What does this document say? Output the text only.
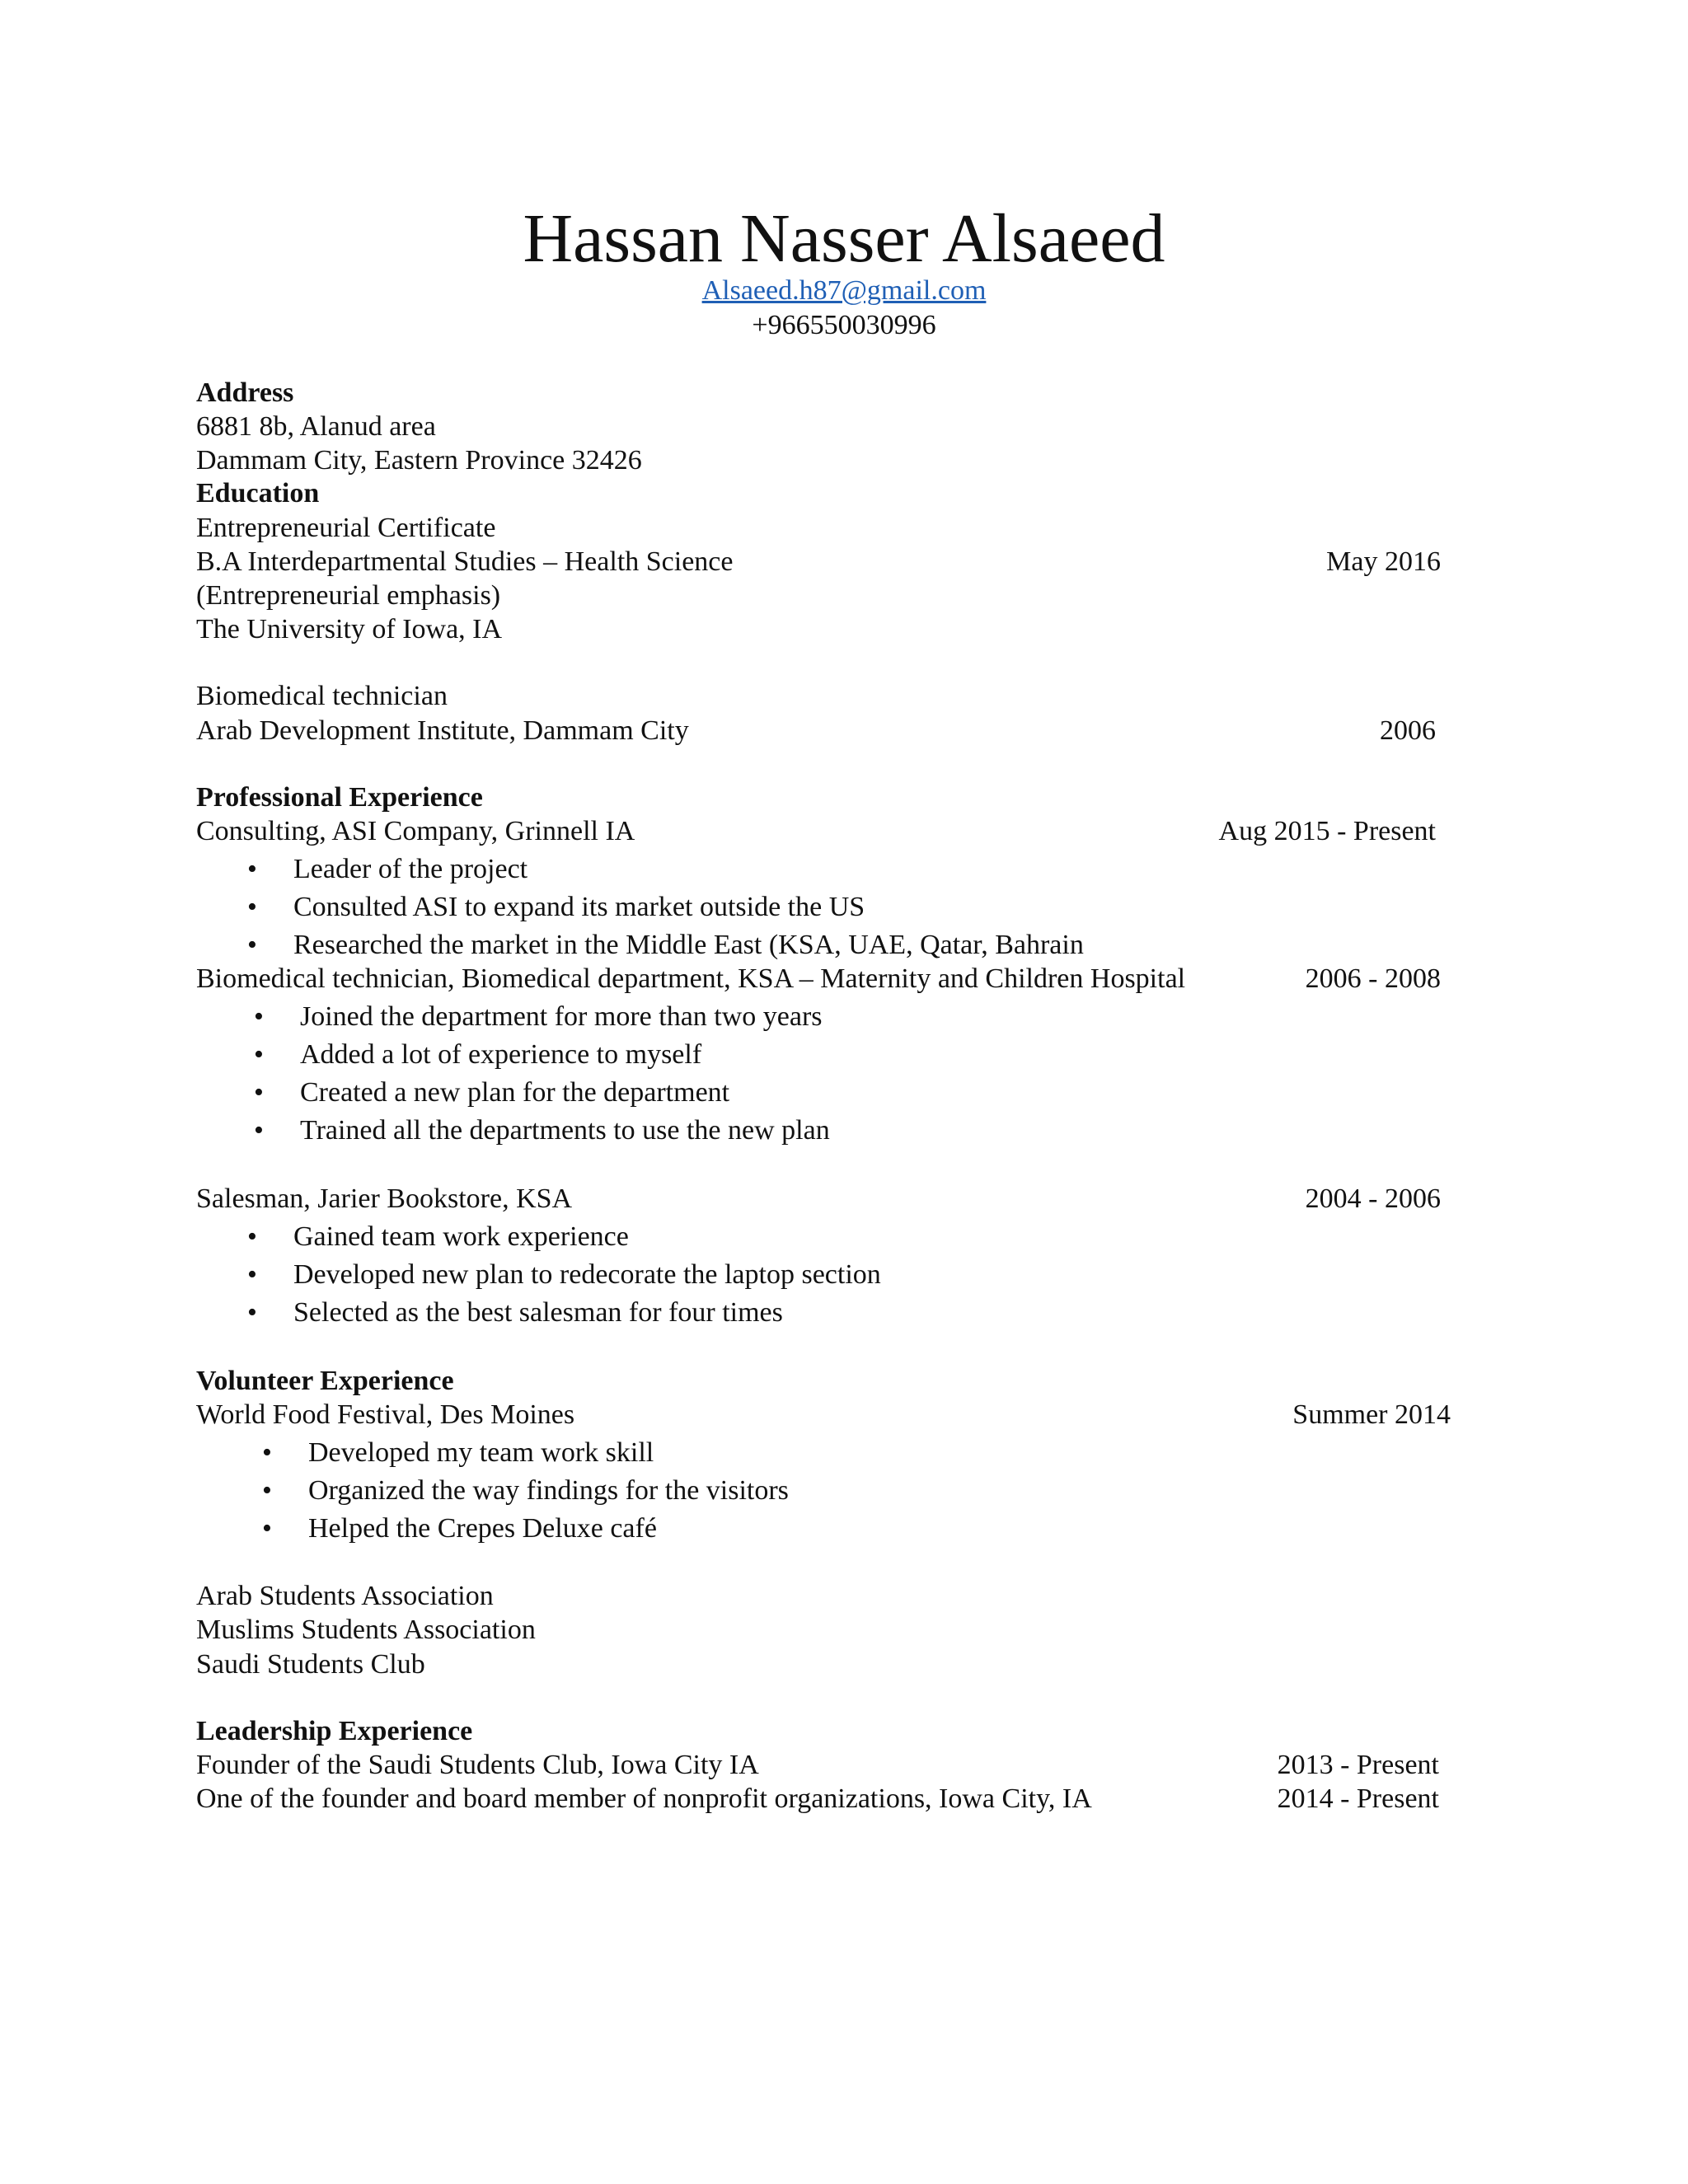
Hassan Nasser Alsaeed
Alsaeed.h87@gmail.com
+966550030996
Address
6881 8b, Alanud area
Dammam City, Eastern Province 32426
Education
Entrepreneurial Certificate
B.A Interdepartmental Studies – Health Science	May 2016
(Entrepreneurial emphasis)
The University of Iowa, IA
Biomedical technician
Arab Development Institute, Dammam City	2006
Professional Experience
Consulting, ASI Company, Grinnell IA	Aug 2015 - Present
• Leader of the project
• Consulted ASI to expand its market outside the US
• Researched the market in the Middle East (KSA, UAE, Qatar, Bahrain
Biomedical technician, Biomedical department, KSA – Maternity and Children Hospital	2006 - 2008
• Joined the department for more than two years
• Added a lot of experience to myself
• Created a new plan for the department
• Trained all the departments to use the new plan
Salesman, Jarier Bookstore, KSA	2004 - 2006
• Gained team work experience
• Developed new plan to redecorate the laptop section
• Selected as the best salesman for four times
Volunteer Experience
World Food Festival, Des Moines	Summer 2014
• Developed my team work skill
• Organized the way findings for the visitors
• Helped the Crepes Deluxe café
Arab Students Association
Muslims Students Association
Saudi Students Club
Leadership Experience
Founder of the Saudi Students Club, Iowa City IA	2013 - Present
One of the founder and board member of nonprofit organizations, Iowa City, IA	2014 - Present
